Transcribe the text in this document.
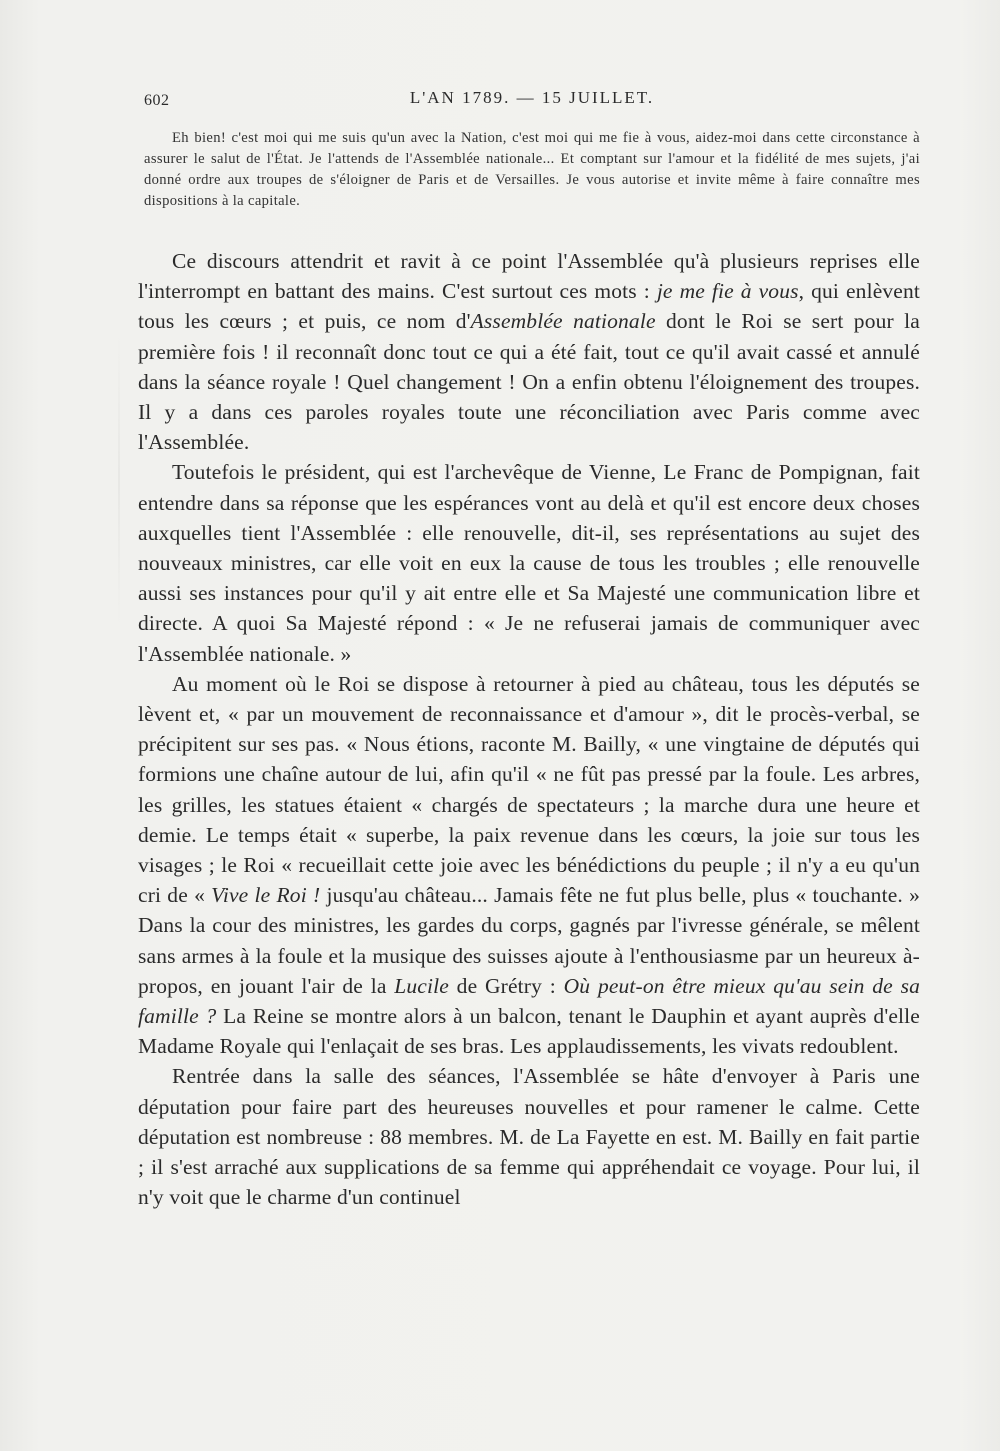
602	L'AN 1789. — 15 JUILLET.
Eh bien! c'est moi qui me suis qu'un avec la Nation, c'est moi qui me fie à vous, aidez-moi dans cette circonstance à assurer le salut de l'État. Je l'attends de l'Assemblée nationale... Et comptant sur l'amour et la fidélité de mes sujets, j'ai donné ordre aux troupes de s'éloigner de Paris et de Versailles. Je vous autorise et invite même à faire connaître mes dispositions à la capitale.

Ce discours attendrit et ravit à ce point l'Assemblée qu'à plusieurs reprises elle l'interrompt en battant des mains. C'est surtout ces mots : je me fie à vous, qui enlèvent tous les cœurs ; et puis, ce nom d'Assemblée nationale dont le Roi se sert pour la première fois ! il reconnaît donc tout ce qui a été fait, tout ce qu'il avait cassé et annulé dans la séance royale ! Quel changement ! On a enfin obtenu l'éloignement des troupes. Il y a dans ces paroles royales toute une réconciliation avec Paris comme avec l'Assemblée.

Toutefois le président, qui est l'archevêque de Vienne, Le Franc de Pompignan, fait entendre dans sa réponse que les espérances vont au delà et qu'il est encore deux choses auxquelles tient l'Assemblée : elle renouvelle, dit-il, ses représentations au sujet des nouveaux ministres, car elle voit en eux la cause de tous les troubles ; elle renouvelle aussi ses instances pour qu'il y ait entre elle et Sa Majesté une communication libre et directe. A quoi Sa Majesté répond : « Je ne refuserai jamais de communiquer avec l'Assemblée nationale. »

Au moment où le Roi se dispose à retourner à pied au château, tous les députés se lèvent et, « par un mouvement de reconnaissance et d'amour », dit le procès-verbal, se précipitent sur ses pas. « Nous étions, raconte M. Bailly, « une vingtaine de députés qui formions une chaîne autour de lui, afin qu'il « ne fût pas pressé par la foule. Les arbres, les grilles, les statues étaient « chargés de spectateurs ; la marche dura une heure et demie. Le temps était « superbe, la paix revenue dans les cœurs, la joie sur tous les visages ; le Roi « recueillait cette joie avec les bénédictions du peuple ; il n'y a eu qu'un cri de « Vive le Roi ! jusqu'au château... Jamais fête ne fut plus belle, plus « touchante. » Dans la cour des ministres, les gardes du corps, gagnés par l'ivresse générale, se mêlent sans armes à la foule et la musique des suisses ajoute à l'enthousiasme par un heureux à-propos, en jouant l'air de la Lucile de Grétry : Où peut-on être mieux qu'au sein de sa famille ? La Reine se montre alors à un balcon, tenant le Dauphin et ayant auprès d'elle Madame Royale qui l'enlaçait de ses bras. Les applaudissements, les vivats redoublent.

Rentrée dans la salle des séances, l'Assemblée se hâte d'envoyer à Paris une députation pour faire part des heureuses nouvelles et pour ramener le calme. Cette députation est nombreuse : 88 membres. M. de La Fayette en est. M. Bailly en fait partie ; il s'est arraché aux supplications de sa femme qui appréhendait ce voyage. Pour lui, il n'y voit que le charme d'un continuel
